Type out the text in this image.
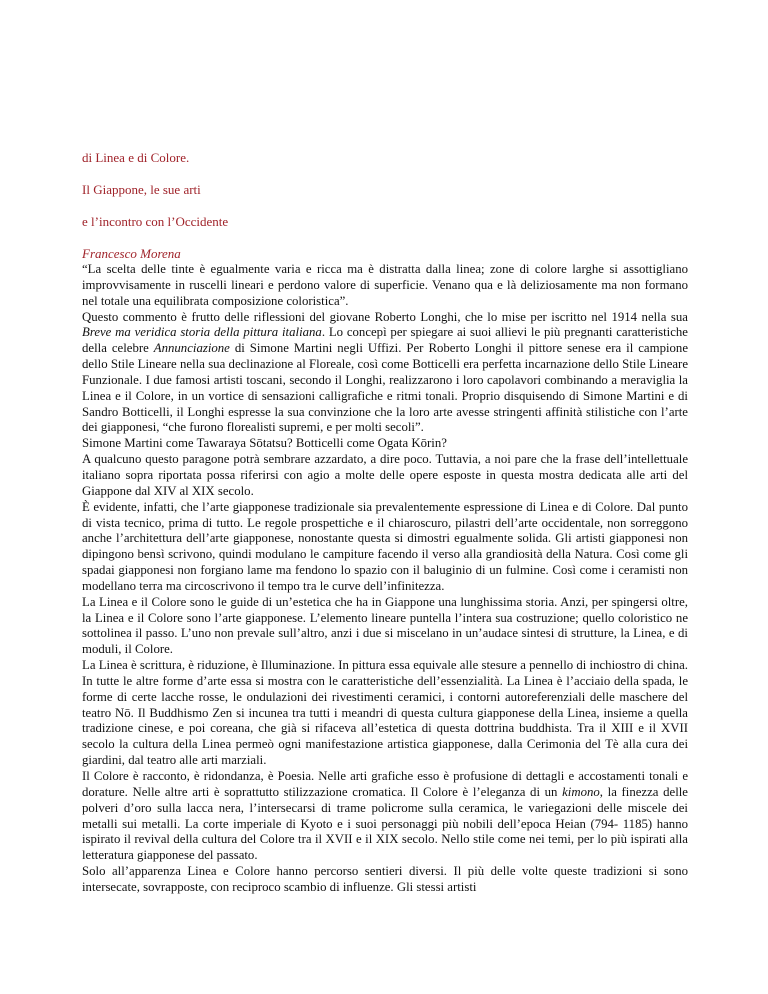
di Linea e di Colore.

Il Giappone, le sue arti

e l’incontro con l’Occidente

Francesco Morena

“La scelta delle tinte è egualmente varia e ricca ma è distratta dalla linea; zone di colore larghe si assottigliano improvvisamente in ruscelli lineari e perdono valore di superficie. Venano qua e là deliziosamente ma non formano nel totale una equilibrata composizione coloristica”.

Questo commento è frutto delle riflessioni del giovane Roberto Longhi, che lo mise per iscritto nel 1914 nella sua Breve ma veridica storia della pittura italiana. Lo concepì per spiegare ai suoi allievi le più pregnanti caratteristiche della celebre Annunciazione di Simone Martini negli Uffizi. Per Roberto Longhi il pittore senese era il campione dello Stile Lineare nella sua declinazione al Floreale, così come Botticelli era perfetta incarnazione dello Stile Lineare Funzionale. I due famosi artisti toscani, secondo il Longhi, realizzarono i loro capolavori combinando a meraviglia la Linea e il Colore, in un vortice di sensazioni calligrafiche e ritmi tonali. Proprio disquisendo di Simone Martini e di Sandro Botticelli, il Longhi espresse la sua convinzione che la loro arte avesse stringenti affinità stilistiche con l’arte dei giapponesi, “che furono florealisti supremi, e per molti secoli”.

Simone Martini come Tawaraya Sōtatsu? Botticelli come Ogata Kōrin?

A qualcuno questo paragone potrà sembrare azzardato, a dire poco. Tuttavia, a noi pare che la frase dell’intellettuale italiano sopra riportata possa riferirsi con agio a molte delle opere esposte in questa mostra dedicata alle arti del Giappone dal XIV al XIX secolo.

È evidente, infatti, che l’arte giapponese tradizionale sia prevalentemente espressione di Linea e di Colore. Dal punto di vista tecnico, prima di tutto. Le regole prospettiche e il chiaroscuro, pilastri dell’arte occidentale, non sorreggono anche l’architettura dell’arte giapponese, nonostante questa si dimostri egualmente solida. Gli artisti giapponesi non dipingono bensì scrivono, quindi modulano le campiture facendo il verso alla grandiosità della Natura. Così come gli spadai giapponesi non forgiano lame ma fendono lo spazio con il baluginio di un fulmine. Così come i ceramisti non modellano terra ma circoscrivono il tempo tra le curve dell’infinitezza.

La Linea e il Colore sono le guide di un’estetica che ha in Giappone una lunghissima storia. Anzi, per spingersi oltre, la Linea e il Colore sono l’arte giapponese. L’elemento lineare puntella l’intera sua costruzione; quello coloristico ne sottolinea il passo. L’uno non prevale sull’altro, anzi i due si miscelano in un’audace sintesi di strutture, la Linea, e di moduli, il Colore.

La Linea è scrittura, è riduzione, è Illuminazione. In pittura essa equivale alle stesure a pennello di inchiostro di china. In tutte le altre forme d’arte essa si mostra con le caratteristiche dell’essenzialità. La Linea è l’acciaio della spada, le forme di certe lacche rosse, le ondulazioni dei rivestimenti ceramici, i contorni autoreferenziali delle maschere del teatro Nō. Il Buddhismo Zen si incunea tra tutti i meandri di questa cultura giapponese della Linea, insieme a quella tradizione cinese, e poi coreana, che già si rifaceva all’estetica di questa dottrina buddhista. Tra il XIII e il XVII secolo la cultura della Linea permeò ogni manifestazione artistica giapponese, dalla Cerimonia del Tè alla cura dei giardini, dal teatro alle arti marziali.

Il Colore è racconto, è ridondanza, è Poesia. Nelle arti grafiche esso è profusione di dettagli e accostamenti tonali e dorature. Nelle altre arti è soprattutto stilizzazione cromatica. Il Colore è l’eleganza di un kimono, la finezza delle polveri d’oro sulla lacca nera, l’intersecarsi di trame policrome sulla ceramica, le variegazioni delle miscele dei metalli sui metalli. La corte imperiale di Kyoto e i suoi personaggi più nobili dell’epoca Heian (794‑ 1185) hanno ispirato il revival della cultura del Colore tra il XVII e il XIX secolo. Nello stile come nei temi, per lo più ispirati alla letteratura giapponese del passato.

Solo all’apparenza Linea e Colore hanno percorso sentieri diversi. Il più delle volte queste tradizioni si sono intersecate, sovrapposte, con reciproco scambio di influenze. Gli stessi artisti
